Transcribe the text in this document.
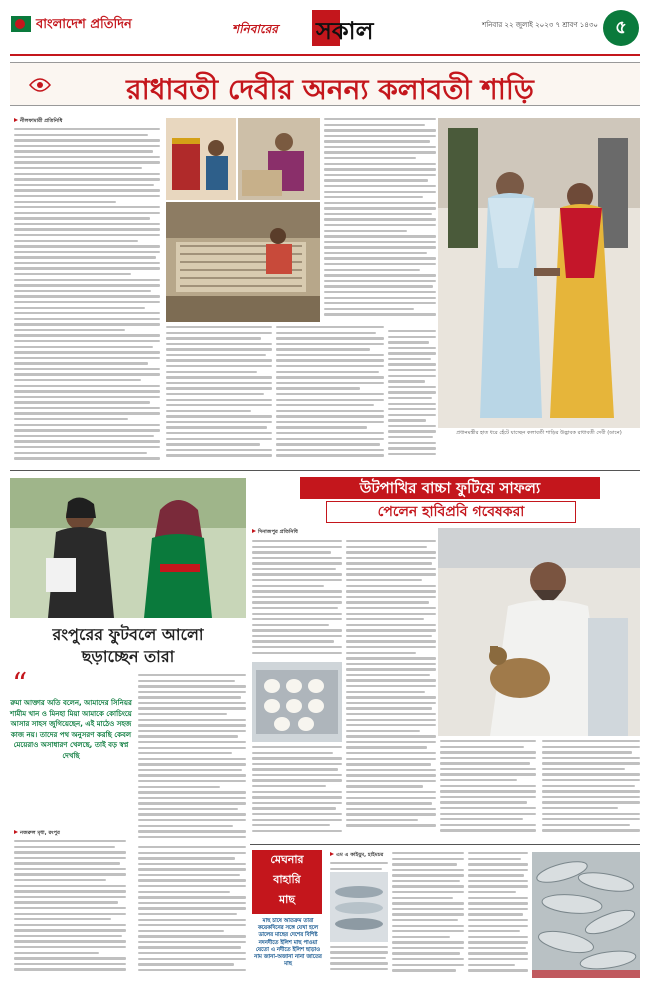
বাংলাদেশ প্রতিদিন	শনিবারের সকাল	শনিবার ২২ জুলাই ২০২৩ ৭ শ্রাবণ ১৪৩০ ৫
রাধাবতী দেবীর অনন্য কলাবতী শাড়ি
নীলফামারী প্রতিনিধি
প্রধানমন্ত্রীর হাত ধরে হেঁটে যাচ্ছেন কলাবতী শাড়ির উদ্ভাবক রাধাবতী দেবী (ডানে)
উটপাখির বাচ্চা ফুটিয়ে সাফল্য
পেলেন হাবিপ্রবি গবেষকরা
দিনাজপুর প্রতিনিধি
রংপুরের ফুটবলে আলো ছড়াচ্ছেন তারা
“
রুমা আক্তার অতি বলেন, আমাদের সিনিয়র শামীম খান ও মিনহা মিয়া আমাকে কোচিংয়ে আসার সাহস জুগিয়েছেন, এই মাঠেও সহজ কাজ নয়। তাদের পথ অনুসরণ করছি কেবল মেয়েরাও অসাধারণ খেলছে, তাই বড় স্বপ্ন দেখছি
নজরুল মৃধা, রংপুর
মেঘনার
বাহারি
মাছ
মাছ চাষে অতিক্রম তারা কয়েকদিনের সঙ্গে যেখা হলে ডালের মাছের দেশের বিশিষ্ট নদনদীতে ইলিশ মাছ পাওয়া যেতো এ নদীতে ইলিশ ছাড়াও নাম জানা-অজানা নানা জাতের মাছ
এম এ কাইয়ুম, হাইমচর
